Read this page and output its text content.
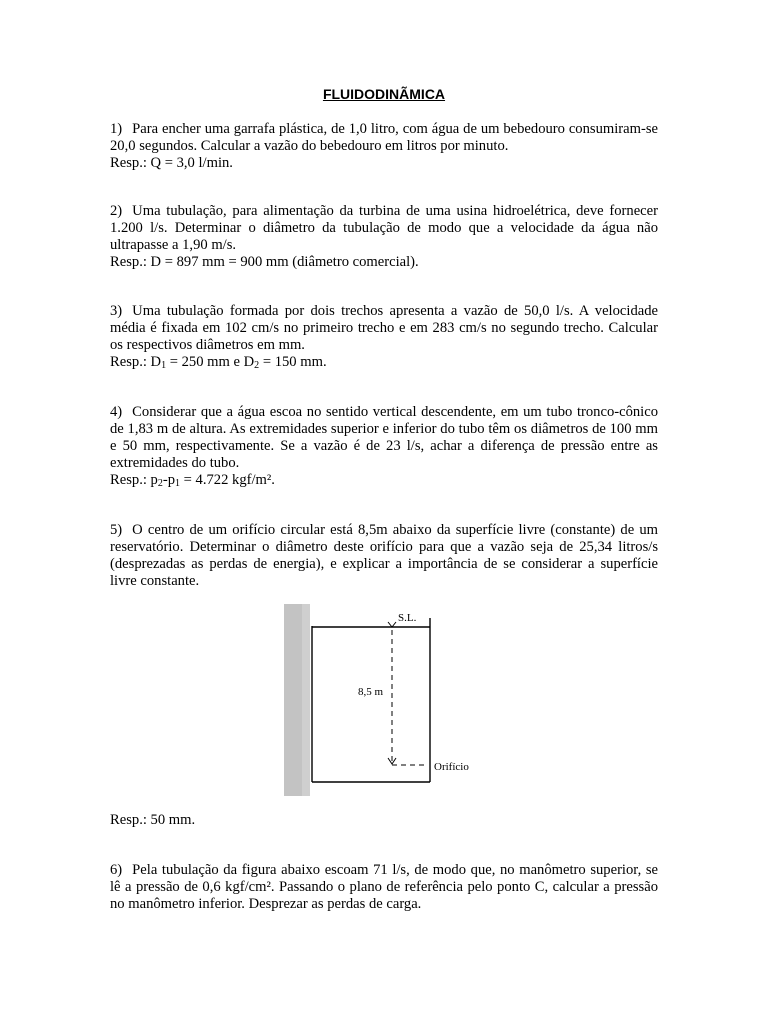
FLUIDODINÃMICA

1) Para encher uma garrafa plástica, de 1,0 litro, com água de um bebedouro consumiram-se 20,0 segundos. Calcular a vazão do bebedouro em litros por minuto.

Resp.: Q = 3,0 l/min.

2) Uma tubulação, para alimentação da turbina de uma usina hidroelétrica, deve fornecer 1.200 l/s. Determinar o diâmetro da tubulação de modo que a velocidade da água não ultrapasse a 1,90 m/s.

Resp.: D = 897 mm = 900 mm (diâmetro comercial).

3) Uma tubulação formada por dois trechos apresenta a vazão de 50,0 l/s. A velocidade média é fixada em 102 cm/s no primeiro trecho e em 283 cm/s no segundo trecho. Calcular os respectivos diâmetros em mm.

Resp.: $D_1 = 250$ mm e $D_2 = 150$ mm.

4) Considerar que a água escoa no sentido vertical descendente, em um tubo tronco-cônico de 1,83 m de altura. As extremidades superior e inferior do tubo têm os diâmetros de 100 mm e 50 mm, respectivamente. Se a vazão é de 23 l/s, achar a diferença de pressão entre as extremidades do tubo.

Resp.: $p_2-p_1 = 4.722$ kgf/m².

5) O centro de um orifício circular está 8,5m abaixo da superfície livre (constante) de um reservatório. Determinar o diâmetro deste orifício para que a vazão seja de 25,34 litros/s (desprezadas as perdas de energia), e explicar a importância de se considerar a superfície livre constante.

S.L.
8,5 m
Orifício
Resp.: 50 mm.

6) Pela tubulação da figura abaixo escoam 71 l/s, de modo que, no manômetro superior, se lê a pressão de 0,6 kgf/cm². Passando o plano de referência pelo ponto C, calcular a pressão no manômetro inferior. Desprezar as perdas de carga.
